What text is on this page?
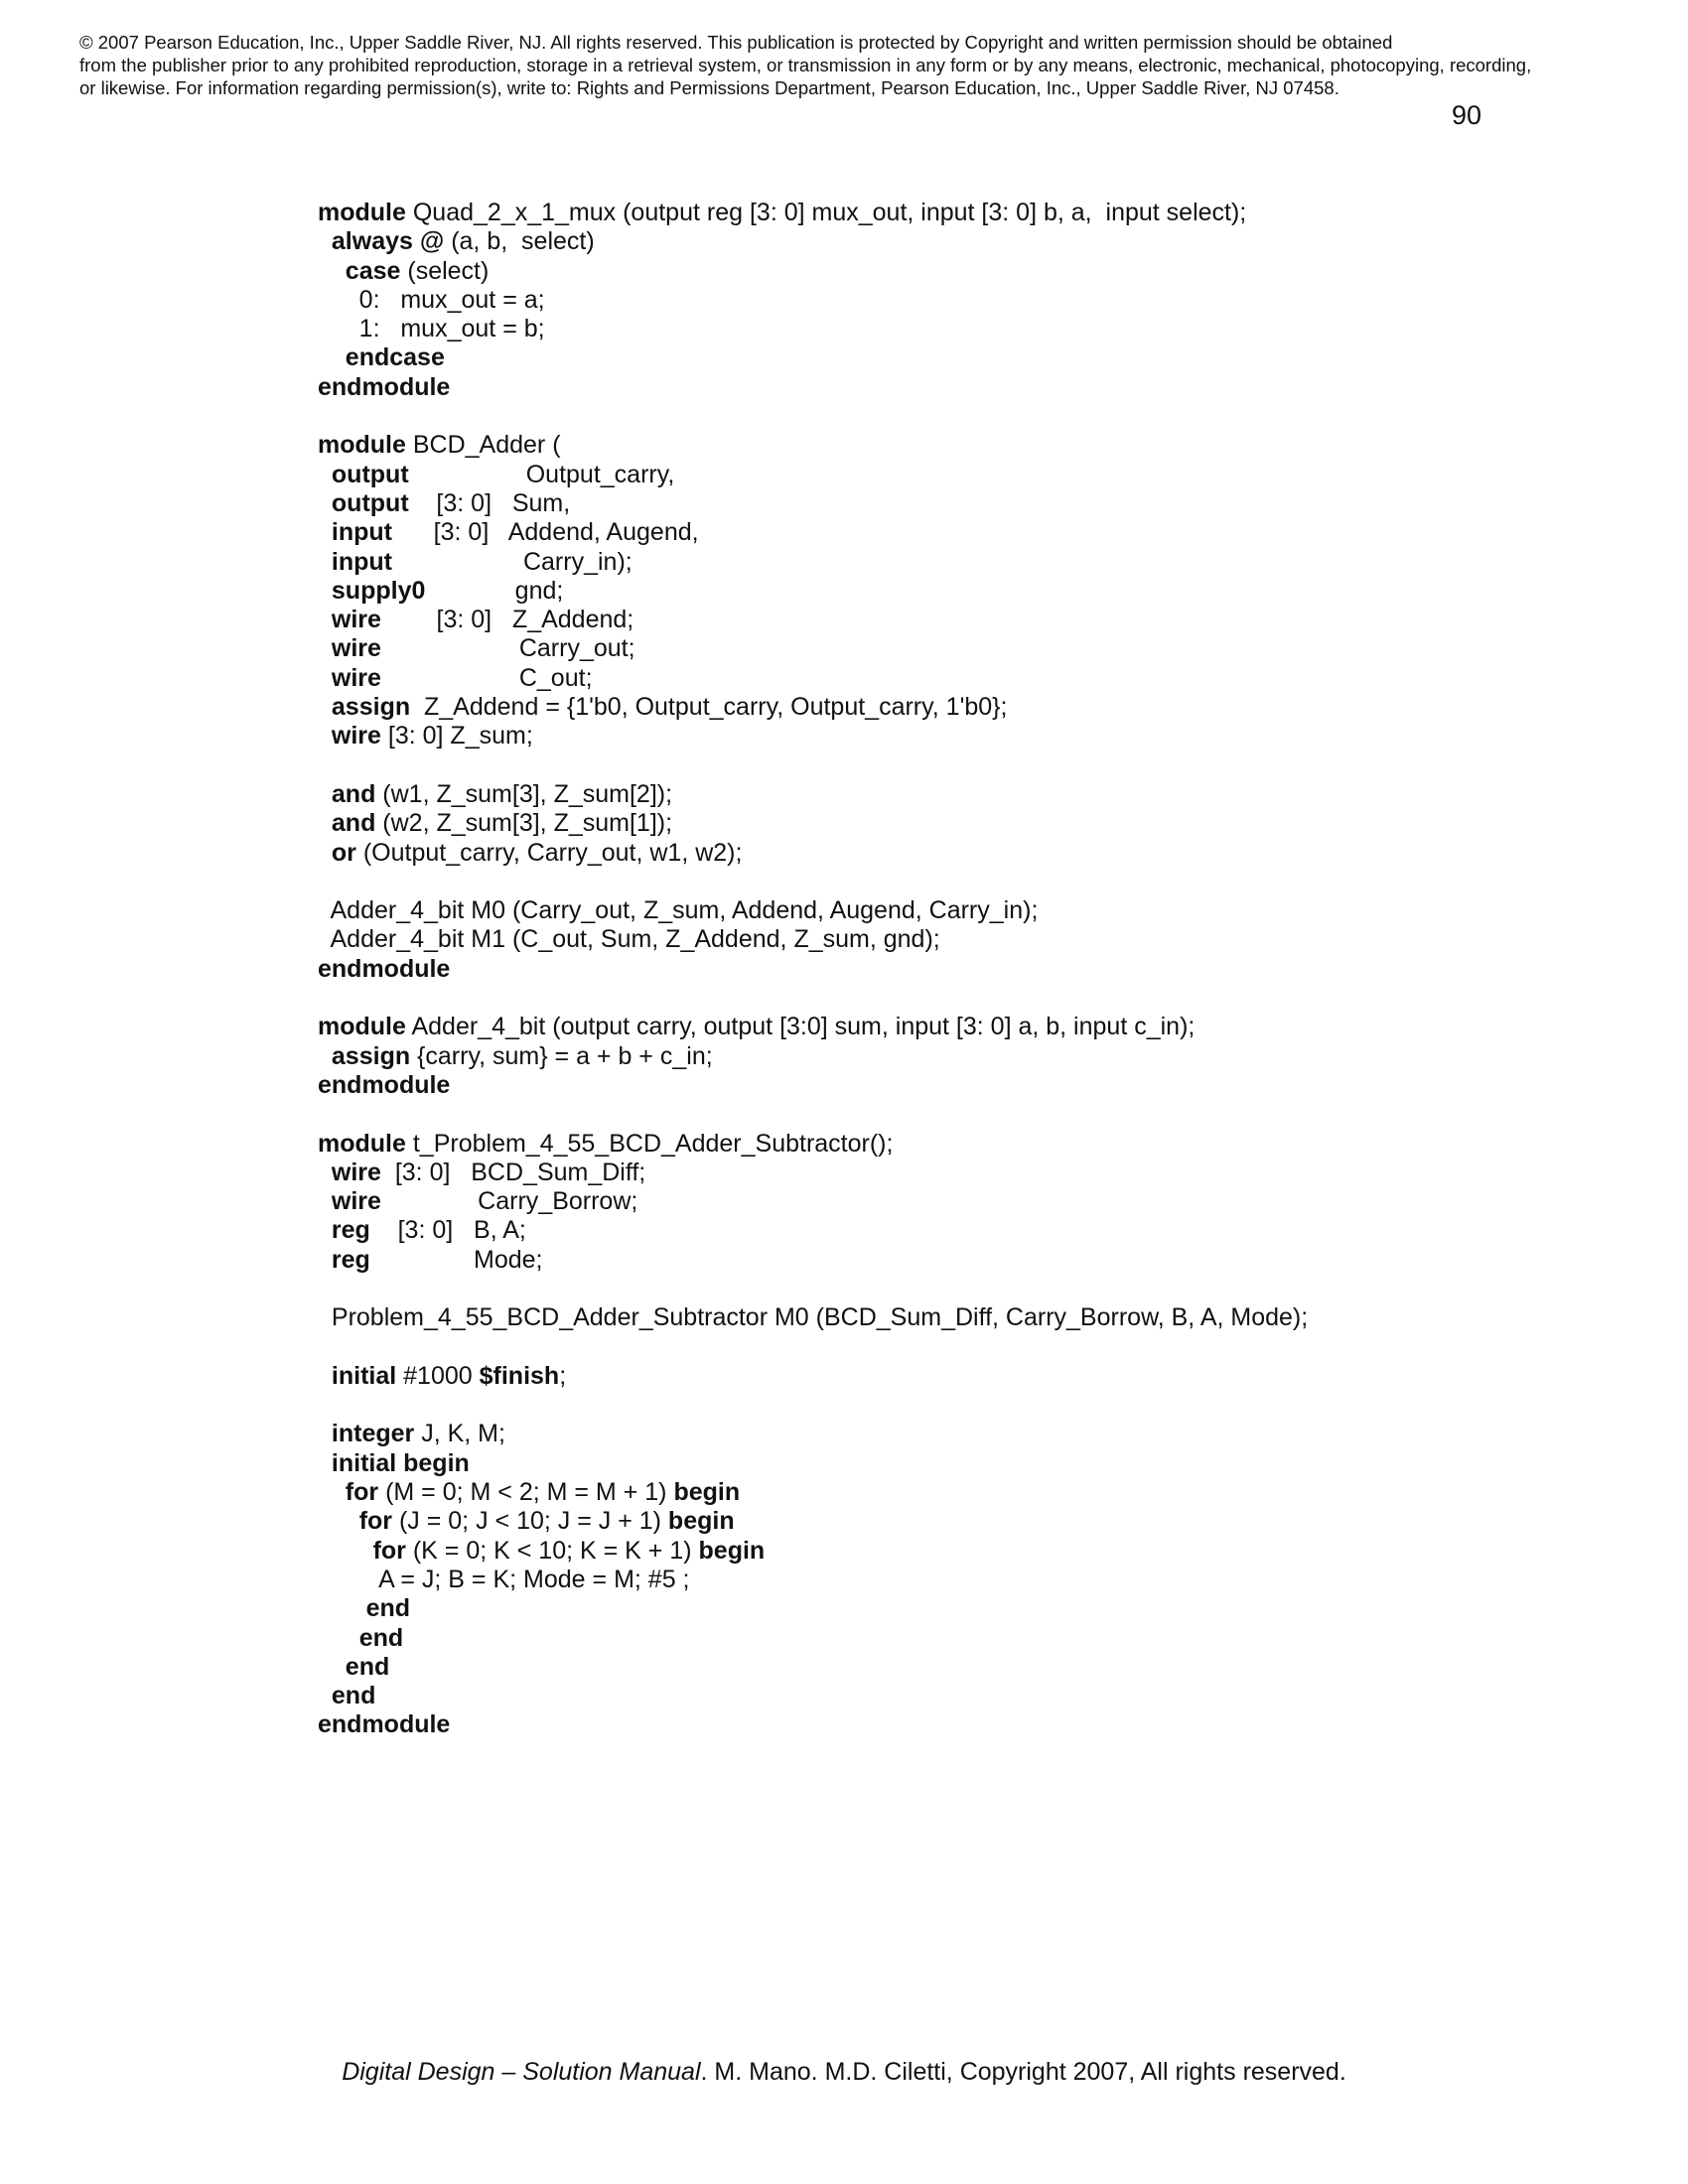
© 2007 Pearson Education, Inc., Upper Saddle River, NJ. All rights reserved. This publication is protected by Copyright and written permission should be obtained
from the publisher prior to any prohibited reproduction, storage in a retrieval system, or transmission in any form or by any means, electronic, mechanical, photocopying, recording,
or likewise. For information regarding permission(s), write to: Rights and Permissions Department, Pearson Education, Inc., Upper Saddle River, NJ 07458.
90
module Quad_2_x_1_mux (output reg [3: 0] mux_out, input [3: 0] b, a,  input select);
always @ (a, b,  select)
case (select)
0:   mux_out = a;
1:   mux_out = b;
endcase
endmodule
module BCD_Adder (
output                 Output_carry,
output    [3: 0]   Sum,
input      [3: 0]   Addend, Augend,
input                   Carry_in);
supply0             gnd;
wire        [3: 0]   Z_Addend;
wire                    Carry_out;
wire                    C_out;
assign  Z_Addend = {1'b0, Output_carry, Output_carry, 1'b0};
wire [3: 0] Z_sum;
and (w1, Z_sum[3], Z_sum[2]);
and (w2, Z_sum[3], Z_sum[1]);
or (Output_carry, Carry_out, w1, w2);
Adder_4_bit M0 (Carry_out, Z_sum, Addend, Augend, Carry_in);
Adder_4_bit M1 (C_out, Sum, Z_Addend, Z_sum, gnd);
endmodule
module Adder_4_bit (output carry, output [3:0] sum, input [3: 0] a, b, input c_in);
assign {carry, sum} = a + b + c_in;
endmodule
module t_Problem_4_55_BCD_Adder_Subtractor();
wire  [3: 0]   BCD_Sum_Diff;
wire              Carry_Borrow;
reg    [3: 0]   B, A;
reg               Mode;
Problem_4_55_BCD_Adder_Subtractor M0 (BCD_Sum_Diff, Carry_Borrow, B, A, Mode);
initial #1000 $finish;
integer J, K, M;
initial begin
for (M = 0; M < 2; M = M + 1) begin
for (J = 0; J < 10; J = J + 1) begin
for (K = 0; K < 10; K = K + 1) begin
A = J; B = K; Mode = M; #5 ;
end
end
end
end
endmodule
Digital Design – Solution Manual. M. Mano. M.D. Ciletti, Copyright 2007, All rights reserved.
